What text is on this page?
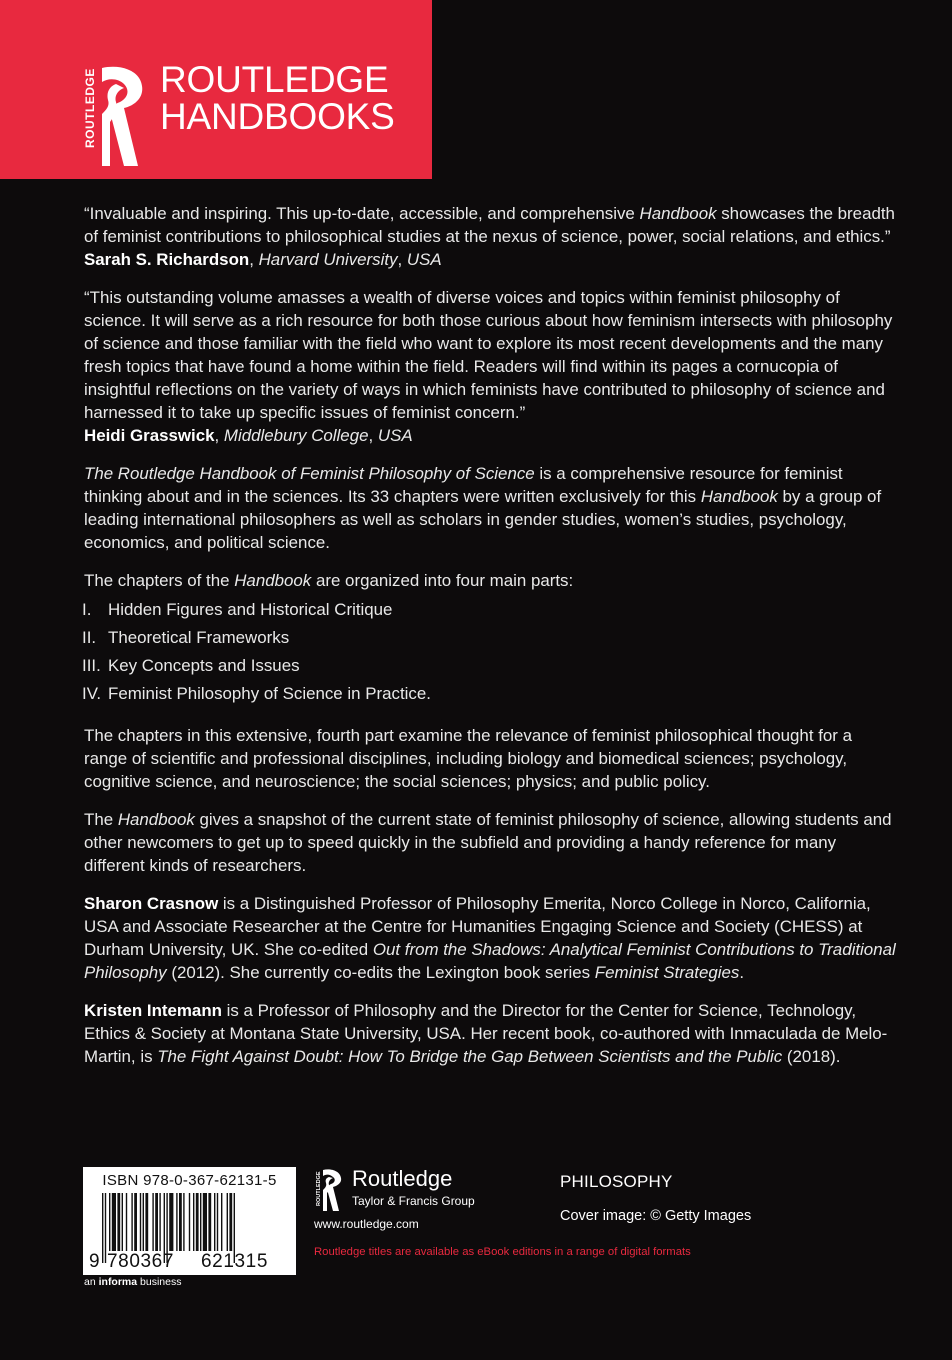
ROUTLEDGE ROUTLEDGE
HANDBOOKS

“Invaluable and inspiring. This up-to-date, accessible, and comprehensive Handbook showcases the breadth of feminist contributions to philosophical studies at the nexus of science, power, social relations, and ethics.”

Sarah S. Richardson, Harvard University, USA

“This outstanding volume amasses a wealth of diverse voices and topics within feminist philosophy of science. It will serve as a rich resource for both those curious about how feminism intersects with philosophy of science and those familiar with the field who want to explore its most recent developments and the many fresh topics that have found a home within the field. Readers will find within its pages a cornucopia of insightful reflections on the variety of ways in which feminists have contributed to philosophy of science and harnessed it to take up specific issues of feminist concern.”

Heidi Grasswick, Middlebury College, USA

The Routledge Handbook of Feminist Philosophy of Science is a comprehensive resource for feminist thinking about and in the sciences. Its 33 chapters were written exclusively for this Handbook by a group of leading international philosophers as well as scholars in gender studies, women’s studies, psychology, economics, and political science.

The chapters of the Handbook are organized into four main parts:

I. Hidden Figures and Historical Critique
II. Theoretical Frameworks
III. Key Concepts and Issues
IV. Feminist Philosophy of Science in Practice.

The chapters in this extensive, fourth part examine the relevance of feminist philosophical thought for a range of scientific and professional disciplines, including biology and biomedical sciences; psychology, cognitive science, and neuroscience; the social sciences; physics; and public policy.

The Handbook gives a snapshot of the current state of feminist philosophy of science, allowing students and other newcomers to get up to speed quickly in the subfield and providing a handy reference for many different kinds of researchers.

Sharon Crasnow is a Distinguished Professor of Philosophy Emerita, Norco College in Norco, California, USA and Associate Researcher at the Centre for Humanities Engaging Science and Society (CHESS) at Durham University, UK. She co-edited Out from the Shadows: Analytical Feminist Contributions to Traditional Philosophy (2012). She currently co-edits the Lexington book series Feminist Strategies.

Kristen Intemann is a Professor of Philosophy and the Director for the Center for Science, Technology, Ethics & Society at Montana State University, USA. Her recent book, co-authored with Inmaculada de Melo-Martin, is The Fight Against Doubt: How To Bridge the Gap Between Scientists and the Public (2018).

ISBN 978-0-367-62131-5
9 780367 621315
an informa business
ROUTLEDGE Routledge
Taylor & Francis Group
www.routledge.com
PHILOSOPHY
Cover image: © Getty Images
Routledge titles are available as eBook editions in a range of digital formats
